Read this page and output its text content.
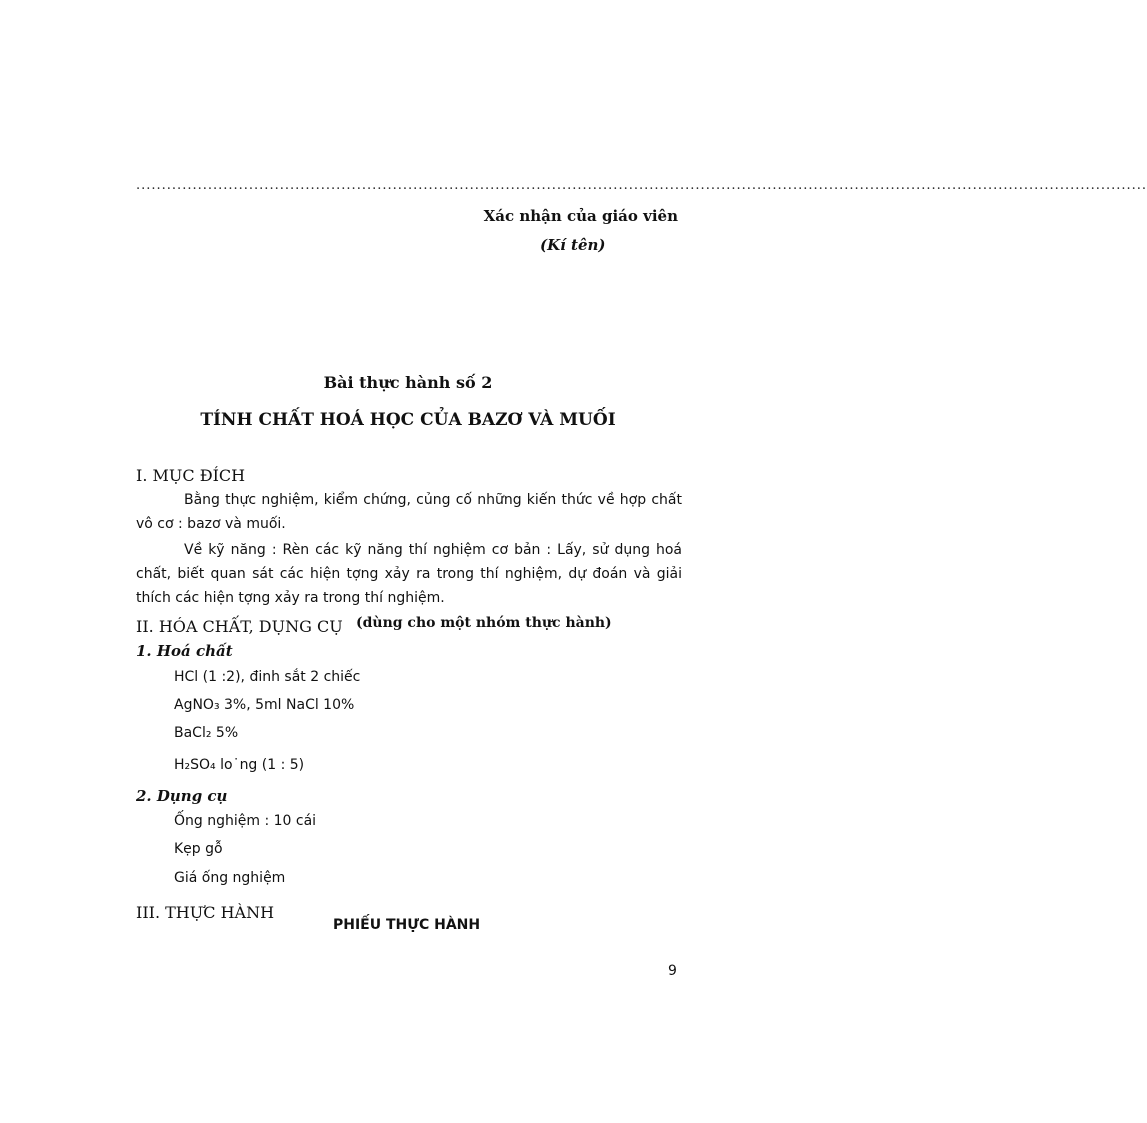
.....................................................................................................................................................................................................
Xác nhận của giáo viên
(Kí tên)
Bài thực hành số 2
TÍNH CHẤT HOÁ HỌC CỦA BAZƠ VÀ MUỐI
I. MỤC ĐÍCH
Bằng thực nghiệm, kiểm chứng, củng cố những kiến thức về hợp chất vô cơ : bazơ và muối.
Về kỹ năng : Rèn các kỹ năng thí nghiệm cơ bản : Lấy, sử dụng hoá chất, biết quan sát các hiện tợng xảy ra trong thí nghiệm, dự đoán và giải thích các hiện tợng xảy ra trong thí nghiệm.
II. HÓA CHẤT, DỤNG CỤ (dùng cho một nhóm thực hành)
1. Hoá chất
HCl (1 :2), đinh sắt 2 chiếc
AgNO₃ 3%, 5ml NaCl 10%
BaCl₂ 5%
H₂SO₄ lo˙ng (1 : 5)
2. Dụng cụ
Ống nghiệm : 10 cái
Kẹp gỗ
Giá ống nghiệm
III. THỰC HÀNH
PHIẾU THỰC HÀNH
9
